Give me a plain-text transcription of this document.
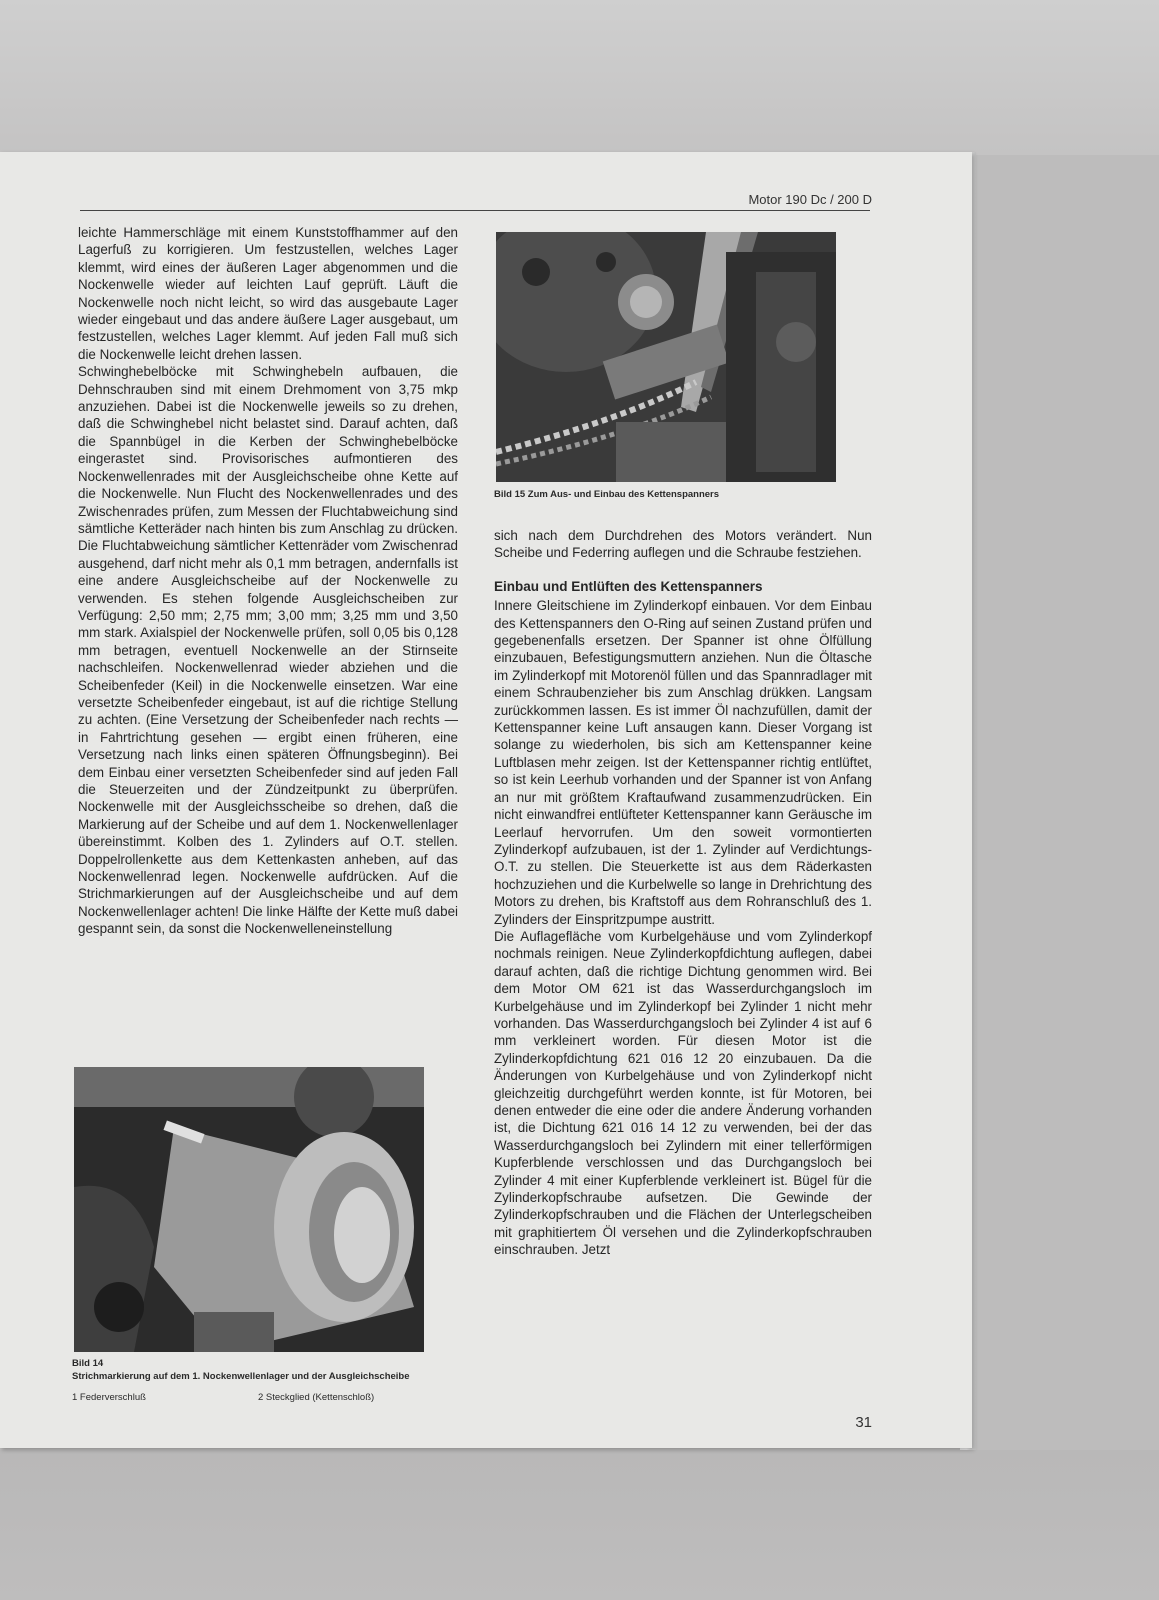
Motor 190 Dc / 200 D

leichte Hammerschläge mit einem Kunststoffhammer auf den Lagerfuß zu korrigieren. Um festzustellen, welches Lager klemmt, wird eines der äußeren Lager abgenommen und die Nockenwelle wieder auf leichten Lauf geprüft. Läuft die Nockenwelle noch nicht leicht, so wird das ausgebaute Lager wieder eingebaut und das andere äußere Lager ausgebaut, um festzustellen, welches Lager klemmt. Auf jeden Fall muß sich die Nockenwelle leicht drehen lassen.

Schwinghebelböcke mit Schwinghebeln aufbauen, die Dehnschrauben sind mit einem Drehmoment von 3,75 mkp anzuziehen. Dabei ist die Nockenwelle jeweils so zu drehen, daß die Schwinghebel nicht belastet sind. Darauf achten, daß die Spannbügel in die Kerben der Schwinghebelböcke eingerastet sind. Provisorisches aufmontieren des Nockenwellenrades mit der Ausgleichscheibe ohne Kette auf die Nockenwelle. Nun Flucht des Nockenwellenrades und des Zwischenrades prüfen, zum Messen der Fluchtabweichung sind sämtliche Ketteräder nach hinten bis zum Anschlag zu drücken. Die Fluchtabweichung sämtlicher Kettenräder vom Zwischenrad ausgehend, darf nicht mehr als 0,1 mm betragen, andernfalls ist eine andere Ausgleichscheibe auf der Nockenwelle zu verwenden. Es stehen folgende Ausgleichscheiben zur Verfügung: 2,50 mm; 2,75 mm; 3,00 mm; 3,25 mm und 3,50 mm stark. Axialspiel der Nockenwelle prüfen, soll 0,05 bis 0,128 mm betragen, eventuell Nockenwelle an der Stirnseite nachschleifen. Nockenwellenrad wieder abziehen und die Scheibenfeder (Keil) in die Nockenwelle einsetzen. War eine versetzte Scheibenfeder eingebaut, ist auf die richtige Stellung zu achten. (Eine Versetzung der Scheibenfeder nach rechts — in Fahrtrichtung gesehen — ergibt einen früheren, eine Versetzung nach links einen späteren Öffnungsbeginn). Bei dem Einbau einer versetzten Scheibenfeder sind auf jeden Fall die Steuerzeiten und der Zündzeitpunkt zu überprüfen. Nockenwelle mit der Ausgleichsscheibe so drehen, daß die Markierung auf der Scheibe und auf dem 1. Nockenwellenlager übereinstimmt. Kolben des 1. Zylinders auf O.T. stellen. Doppelrollenkette aus dem Kettenkasten anheben, auf das Nockenwellenrad legen. Nockenwelle aufdrücken. Auf die Strichmarkierungen auf der Ausgleichscheibe und auf dem Nockenwellenlager achten! Die linke Hälfte der Kette muß dabei gespannt sein, da sonst die Nockenwelleneinstellung

Bild 15 Zum Aus- und Einbau des Kettenspanners

sich nach dem Durchdrehen des Motors verändert. Nun Scheibe und Federring auflegen und die Schraube festziehen.

Einbau und Entlüften des Kettenspanners

Innere Gleitschiene im Zylinderkopf einbauen. Vor dem Einbau des Kettenspanners den O-Ring auf seinen Zustand prüfen und gegebenenfalls ersetzen. Der Spanner ist ohne Ölfüllung einzubauen, Befestigungsmuttern anziehen. Nun die Öltasche im Zylinderkopf mit Motorenöl füllen und das Spannradlager mit einem Schraubenzieher bis zum Anschlag drükken. Langsam zurückkommen lassen. Es ist immer Öl nachzufüllen, damit der Kettenspanner keine Luft ansaugen kann. Dieser Vorgang ist solange zu wiederholen, bis sich am Kettenspanner keine Luftblasen mehr zeigen. Ist der Kettenspanner richtig entlüftet, so ist kein Leerhub vorhanden und der Spanner ist von Anfang an nur mit größtem Kraftaufwand zusammenzudrücken. Ein nicht einwandfrei entlüfteter Kettenspanner kann Geräusche im Leerlauf hervorrufen. Um den soweit vormontierten Zylinderkopf aufzubauen, ist der 1. Zylinder auf Verdichtungs-O.T. zu stellen. Die Steuerkette ist aus dem Räderkasten hochzuziehen und die Kurbelwelle so lange in Drehrichtung des Motors zu drehen, bis Kraftstoff aus dem Rohranschluß des 1. Zylinders der Einspritzpumpe austritt.

Die Auflagefläche vom Kurbelgehäuse und vom Zylinderkopf nochmals reinigen. Neue Zylinderkopfdichtung auflegen, dabei darauf achten, daß die richtige Dichtung genommen wird. Bei dem Motor OM 621 ist das Wasserdurchgangsloch im Kurbelgehäuse und im Zylinderkopf bei Zylinder 1 nicht mehr vorhanden. Das Wasserdurchgangsloch bei Zylinder 4 ist auf 6 mm verkleinert worden. Für diesen Motor ist die Zylinderkopfdichtung 621 016 12 20 einzubauen. Da die Änderungen von Kurbelgehäuse und von Zylinderkopf nicht gleichzeitig durchgeführt werden konnte, ist für Motoren, bei denen entweder die eine oder die andere Änderung vorhanden ist, die Dichtung 621 016 14 12 zu verwenden, bei der das Wasserdurchgangsloch bei Zylindern mit einer tellerförmigen Kupferblende verschlossen und das Durchgangsloch bei Zylinder 4 mit einer Kupferblende verkleinert ist. Bügel für die Zylinderkopfschraube aufsetzen. Die Gewinde der Zylinderkopfschrauben und die Flächen der Unterlegscheiben mit graphitiertem Öl versehen und die Zylinderkopfschrauben einschrauben. Jetzt

Bild 14
Strichmarkierung auf dem 1. Nockenwellenlager und der Ausgleichscheibe
1 Federverschluß	2 Steckglied (Kettenschloß)
31
